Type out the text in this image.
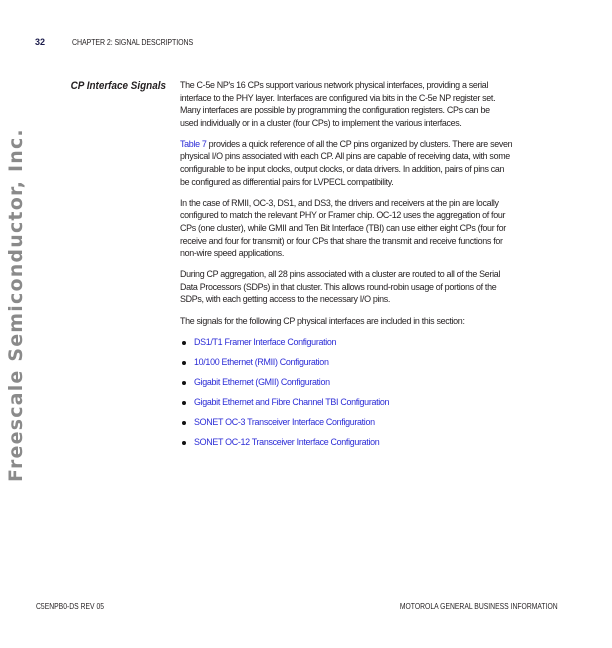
32	CHAPTER 2: SIGNAL DESCRIPTIONS
Freescale Semiconductor, Inc.
CP Interface Signals The C-5e NP's 16 CPs support various network physical interfaces, providing a serial
interface to the PHY layer. Interfaces are configured via bits in the C-5e NP register set.
Many interfaces are possible by programming the configuration registers. CPs can be
used individually or in a cluster (four CPs) to implement the various interfaces.
Table 7 provides a quick reference of all the CP pins organized by clusters. There are seven
physical I/O pins associated with each CP. All pins are capable of receiving data, with some
configurable to be input clocks, output clocks, or data drivers. In addition, pairs of pins can
be configured as differential pairs for LVPECL compatibility.
In the case of RMII, OC-3, DS1, and DS3, the drivers and receivers at the pin are locally
configured to match the relevant PHY or Framer chip. OC-12 uses the aggregation of four
CPs (one cluster), while GMII and Ten Bit Interface (TBI) can use either eight CPs (four for
receive and four for transmit) or four CPs that share the transmit and receive functions for
non-wire speed applications.
During CP aggregation, all 28 pins associated with a cluster are routed to all of the Serial
Data Processors (SDPs) in that cluster. This allows round-robin usage of portions of the
SDPs, with each getting access to the necessary I/O pins.
The signals for the following CP physical interfaces are included in this section:
DS1/T1 Framer Interface Configuration
10/100 Ethernet (RMII) Configuration
Gigabit Ethernet (GMII) Configuration
Gigabit Ethernet and Fibre Channel TBI Configuration
SONET OC-3 Transceiver Interface Configuration
SONET OC-12 Transceiver Interface Configuration
C5ENPB0-DS REV 05	MOTOROLA GENERAL BUSINESS INFORMATION
